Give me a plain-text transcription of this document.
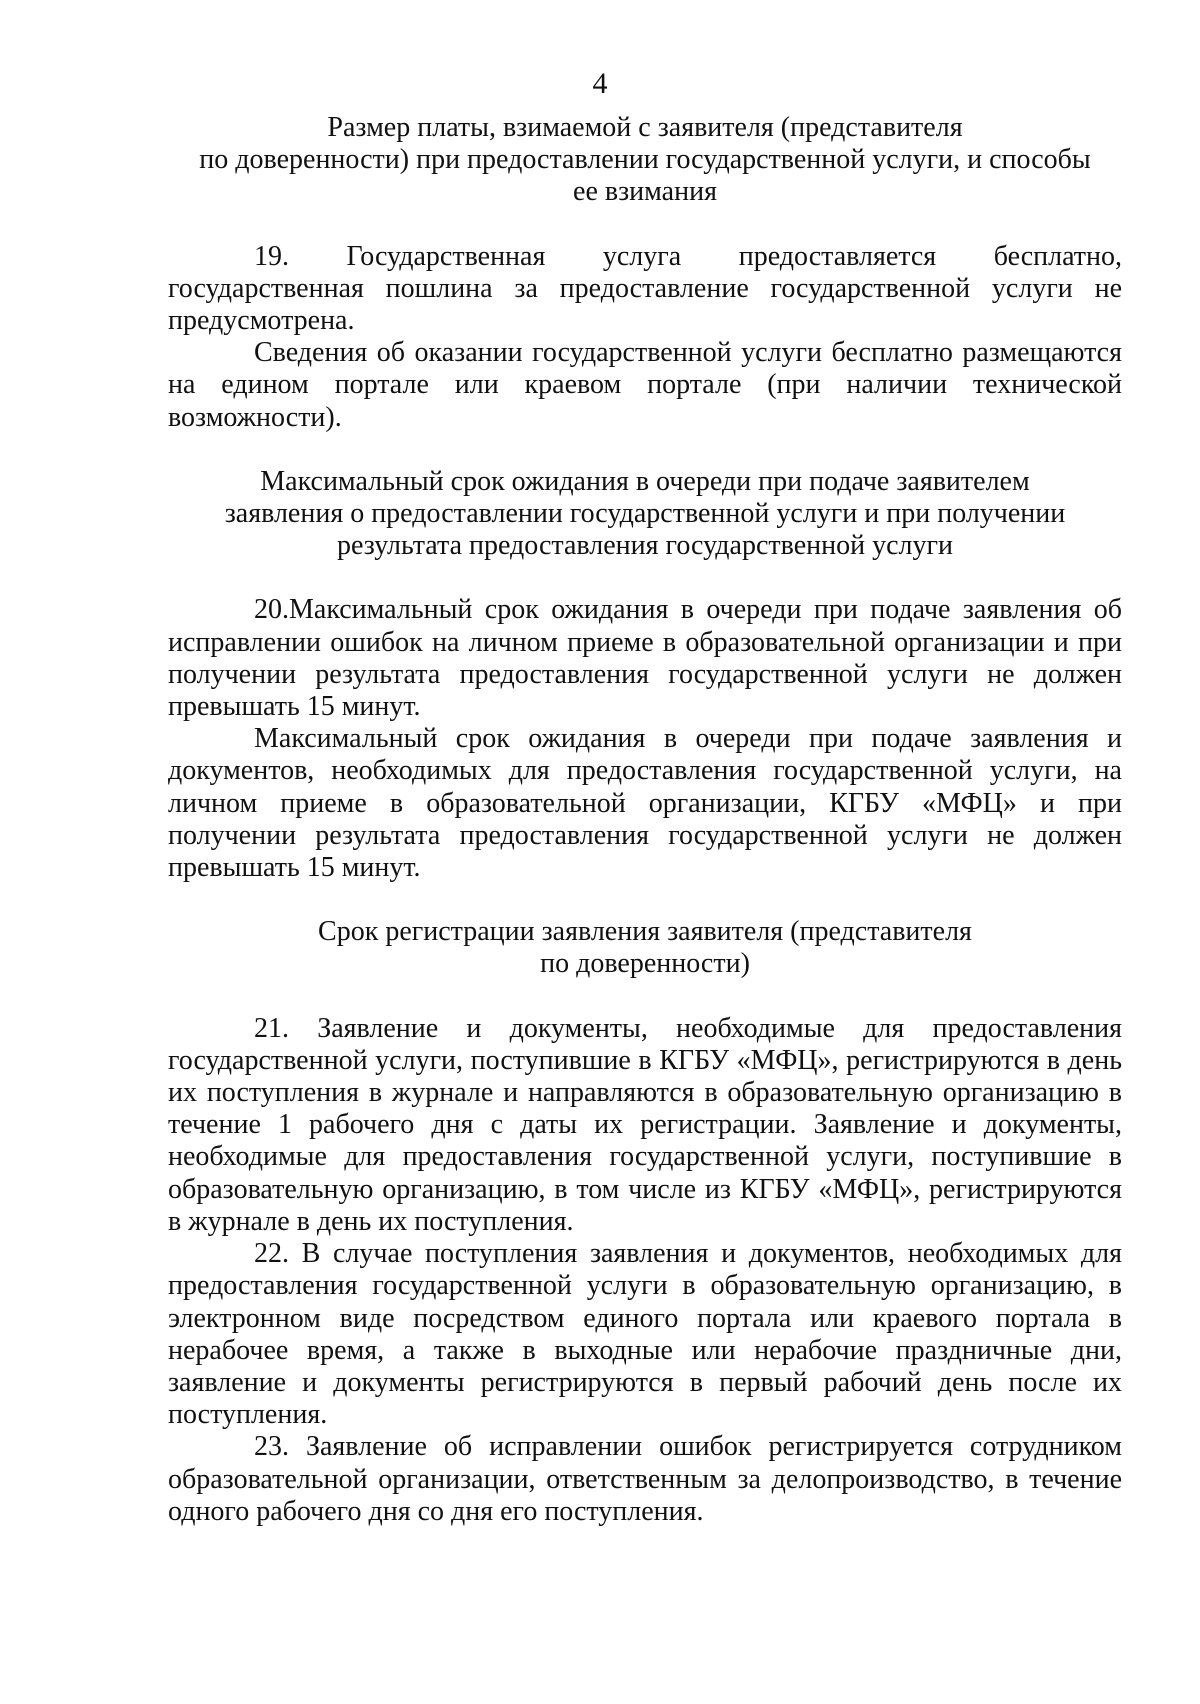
4
Размер платы, взимаемой с заявителя (представителя
по доверенности) при предоставлении государственной услуги, и способы
ее взимания

19. Государственная услуга предоставляется бесплатно, государственная пошлина за предоставление государственной услуги не предусмотрена.

Сведения об оказании государственной услуги бесплатно размещаются на едином портале или краевом портале (при наличии технической возможности).

Максимальный срок ожидания в очереди при подаче заявителем
заявления о предоставлении государственной услуги и при получении
результата предоставления государственной услуги

20.Максимальный срок ожидания в очереди при подаче заявления об исправлении ошибок на личном приеме в образовательной организации и при получении результата предоставления государственной услуги не должен превышать 15 минут.

Максимальный срок ожидания в очереди при подаче заявления и документов, необходимых для предоставления государственной услуги, на личном приеме в образовательной организации, КГБУ «МФЦ» и при получении результата предоставления государственной услуги не должен превышать 15 минут.

Срок регистрации заявления заявителя (представителя
по доверенности)

21. Заявление и документы, необходимые для предоставления государственной услуги, поступившие в КГБУ «МФЦ», регистрируются в день их поступления в журнале и направляются в образовательную организацию в течение 1 рабочего дня с даты их регистрации. Заявление и документы, необходимые для предоставления государственной услуги, поступившие в образовательную организацию, в том числе из КГБУ «МФЦ», регистрируются в журнале в день их поступления.

22. В случае поступления заявления и документов, необходимых для предоставления государственной услуги в образовательную организацию, в электронном виде посредством единого портала или краевого портала в нерабочее время, а также в выходные или нерабочие праздничные дни, заявление и документы регистрируются в первый рабочий день после их поступления.

23. Заявление об исправлении ошибок регистрируется сотрудником образовательной организации, ответственным за делопроизводство, в течение одного рабочего дня со дня его поступления.
